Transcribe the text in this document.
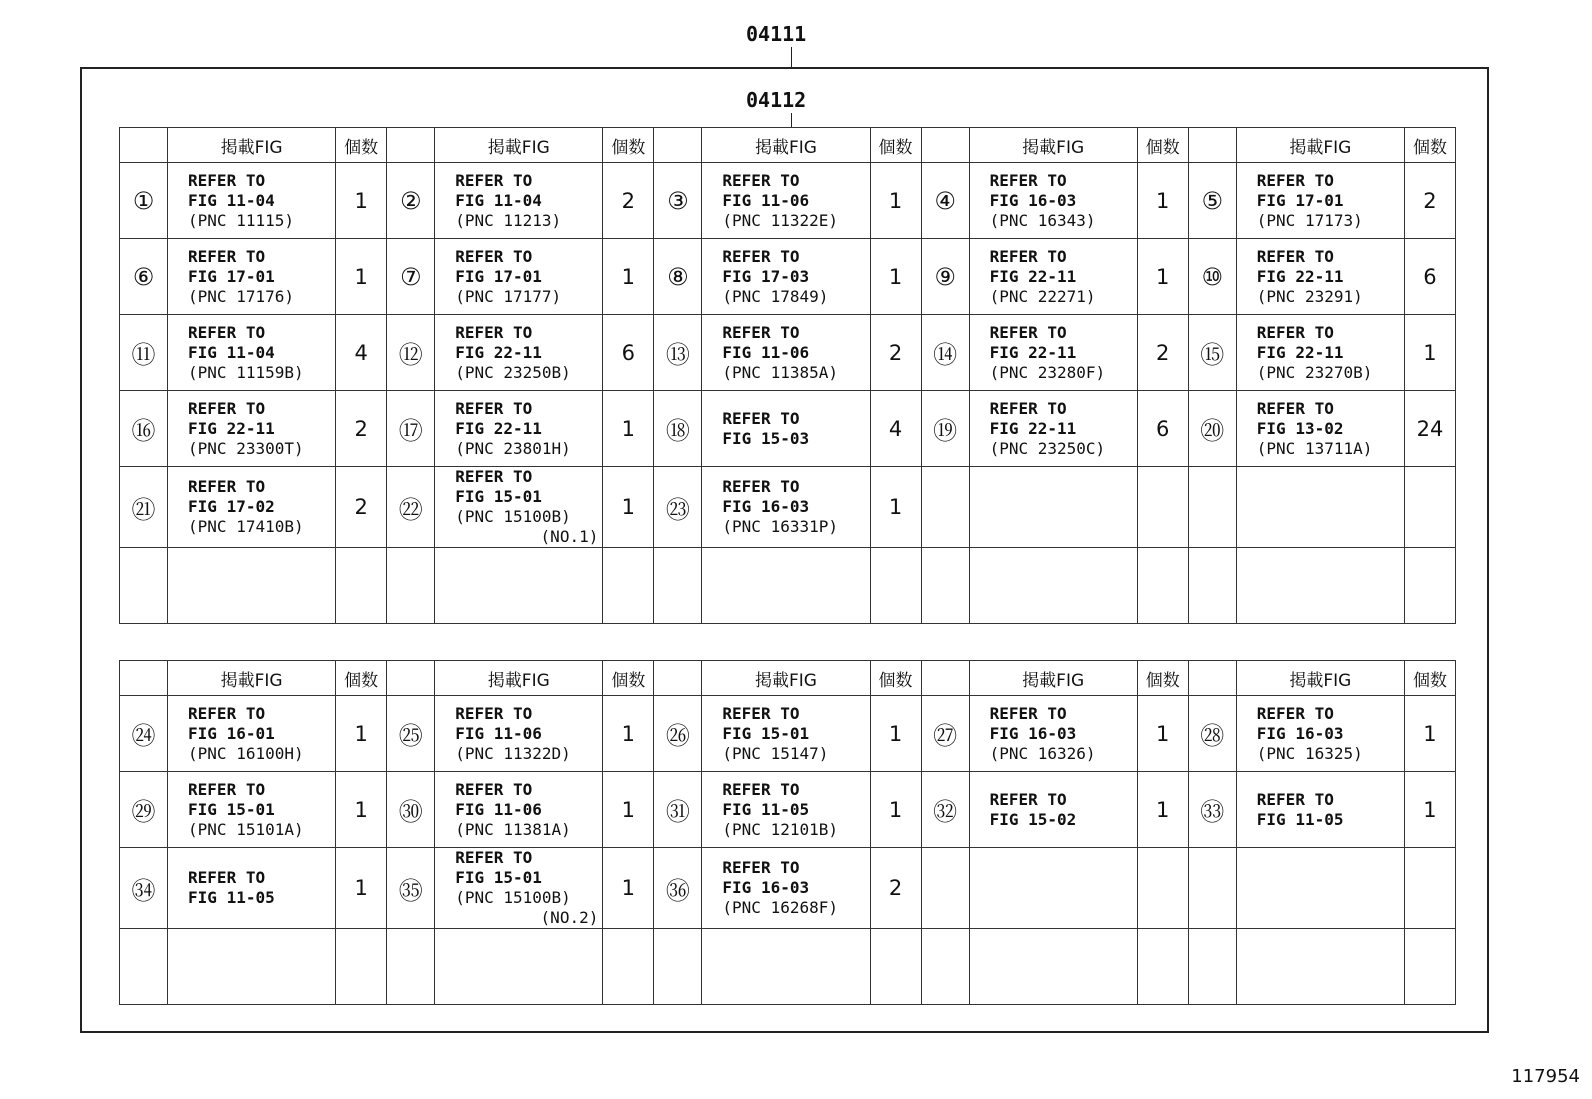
04111
04112
	掲載FIG	個数		掲載FIG	個数		掲載FIG	個数		掲載FIG	個数		掲載FIG	個数
①	REFER TO
FIG 11-04
(PNC 11115)	1	②	REFER TO
FIG 11-04
(PNC 11213)	2	③	REFER TO
FIG 11-06
(PNC 11322E)	1	④	REFER TO
FIG 16-03
(PNC 16343)	1	⑤	REFER TO
FIG 17-01
(PNC 17173)	2
⑥	REFER TO
FIG 17-01
(PNC 17176)	1	⑦	REFER TO
FIG 17-01
(PNC 17177)	1	⑧	REFER TO
FIG 17-03
(PNC 17849)	1	⑨	REFER TO
FIG 22-11
(PNC 22271)	1	⑩	REFER TO
FIG 22-11
(PNC 23291)	6
⑪	REFER TO
FIG 11-04
(PNC 11159B)	4	⑫	REFER TO
FIG 22-11
(PNC 23250B)	6	⑬	REFER TO
FIG 11-06
(PNC 11385A)	2	⑭	REFER TO
FIG 22-11
(PNC 23280F)	2	⑮	REFER TO
FIG 22-11
(PNC 23270B)	1
⑯	REFER TO
FIG 22-11
(PNC 23300T)	2	⑰	REFER TO
FIG 22-11
(PNC 23801H)	1	⑱	REFER TO
FIG 15-03	4	⑲	REFER TO
FIG 22-11
(PNC 23250C)	6	⑳	REFER TO
FIG 13-02
(PNC 13711A)	24
㉑	REFER TO
FIG 17-02
(PNC 17410B)	2	㉒	REFER TO
FIG 15-01
(PNC 15100B)
(NO.1)	1	㉓	REFER TO
FIG 16-03
(PNC 16331P)	1						

	掲載FIG	個数		掲載FIG	個数		掲載FIG	個数		掲載FIG	個数		掲載FIG	個数
㉔	REFER TO
FIG 16-01
(PNC 16100H)	1	㉕	REFER TO
FIG 11-06
(PNC 11322D)	1	㉖	REFER TO
FIG 15-01
(PNC 15147)	1	㉗	REFER TO
FIG 16-03
(PNC 16326)	1	㉘	REFER TO
FIG 16-03
(PNC 16325)	1
㉙	REFER TO
FIG 15-01
(PNC 15101A)	1	㉚	REFER TO
FIG 11-06
(PNC 11381A)	1	㉛	REFER TO
FIG 11-05
(PNC 12101B)	1	㉜	REFER TO
FIG 15-02	1	㉝	REFER TO
FIG 11-05	1
㉞	REFER TO
FIG 11-05	1	㉟	REFER TO
FIG 15-01
(PNC 15100B)
(NO.2)	1	㊱	REFER TO
FIG 16-03
(PNC 16268F)	2						

117954
